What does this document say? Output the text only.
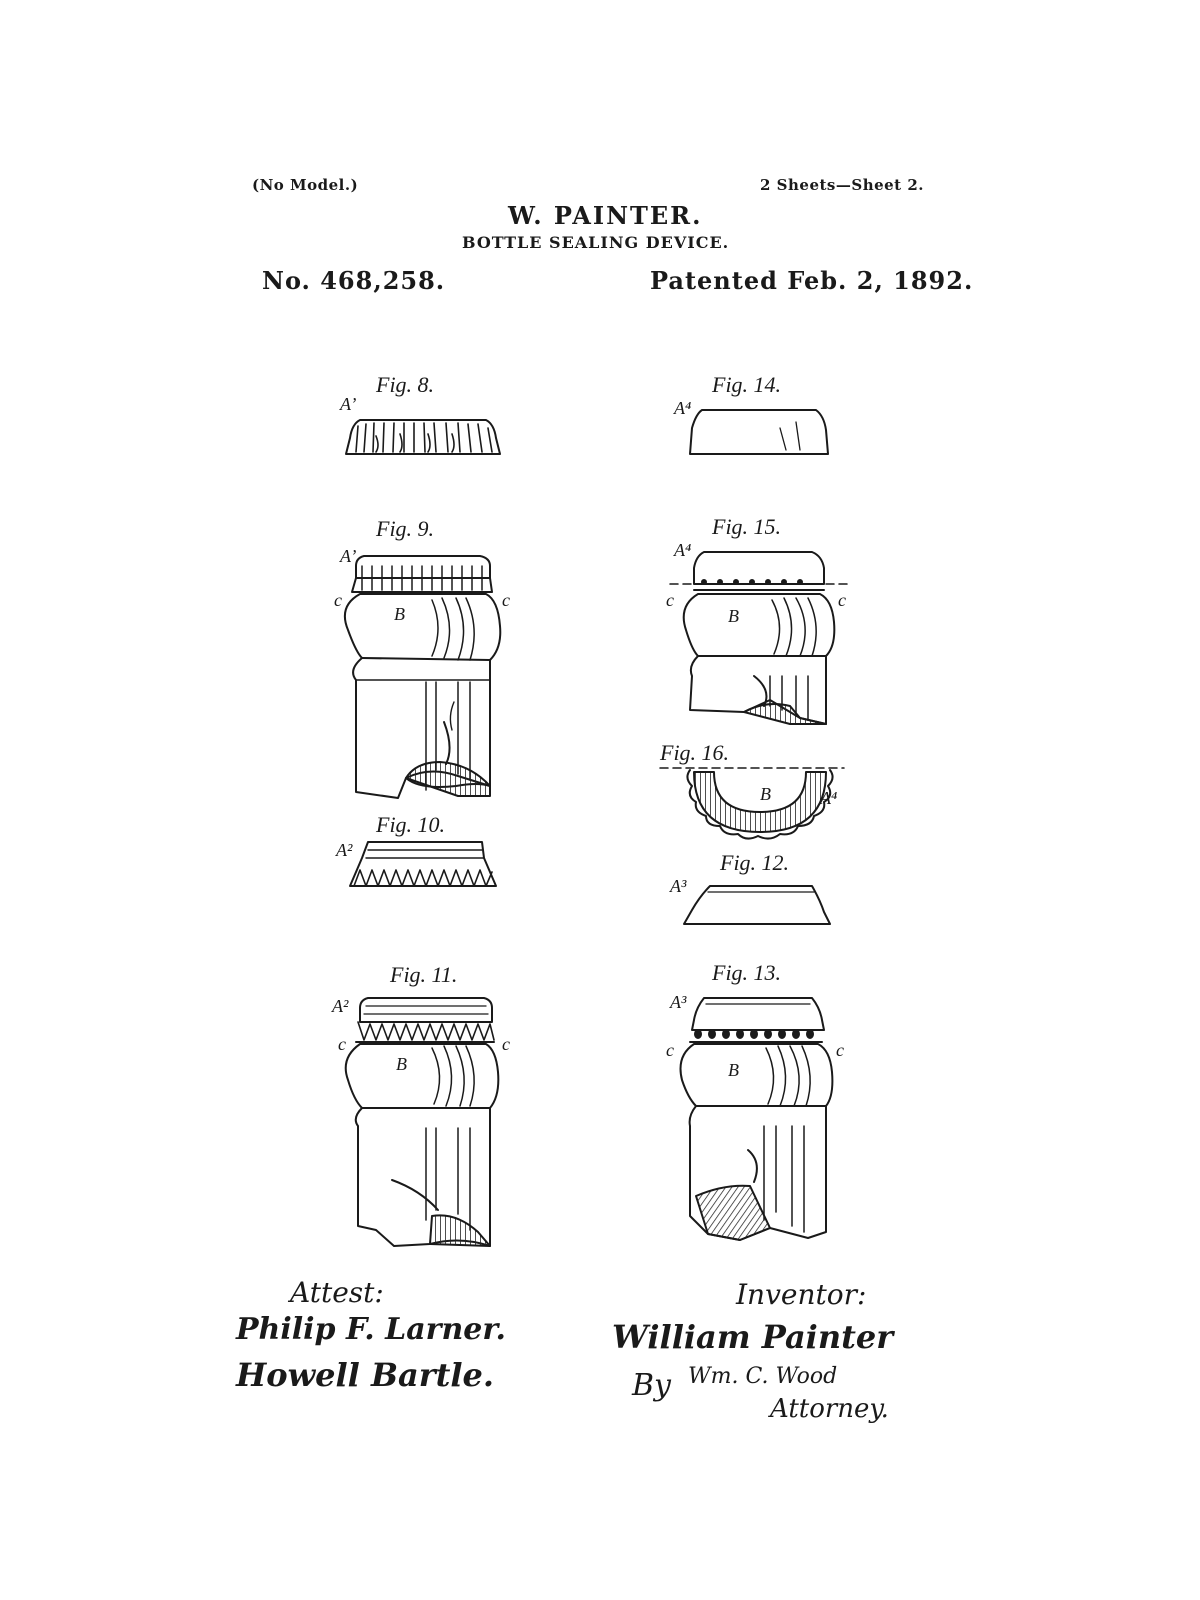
(No Model.)	2 Sheets—Sheet 2.
W. PAINTER.
BOTTLE SEALING DEVICE.
No. 468,258.	Patented Feb. 2, 1892.
Fig. 8.
A’
Fig. 9.
A’
c	c
B
Fig. 10.
A²
Fig. 11.
A²
c	c
B
Fig. 12.
A³
Fig. 13.
A³
c	c
B
Fig. 14.
A⁴
Fig. 15.
A⁴
c	c
B
Fig. 16.
B	A⁴
Attest:
Philip F. Larner.
Howell Bartle.
Inventor:
William Painter
By Wm. C. Wood
Attorney.
